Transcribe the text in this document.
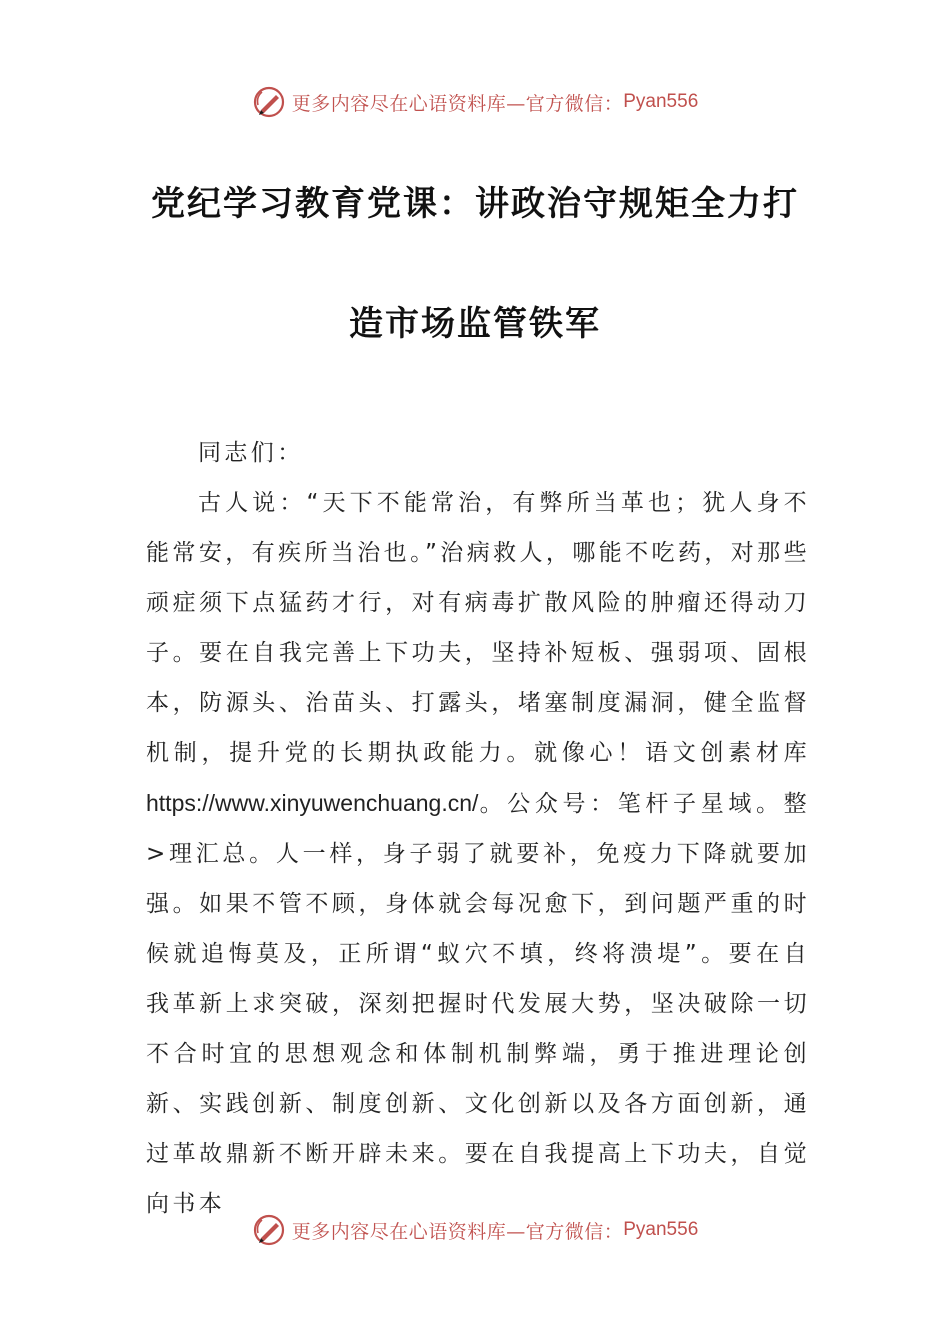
更多内容尽在心语资料库—官方微信： Pyan556
党纪学习教育党课：讲政治守规矩全力打
造市场监管铁军

同志们：

古人说：“天下不能常治，有弊所当革也；犹人身不能常安，有疾所当治也。”治病救人，哪能不吃药，对那些顽症须下点猛药才行，对有病毒扩散风险的肿瘤还得动刀子。要在自我完善上下功夫，坚持补短板、强弱项、固根本，防源头、治苗头、打露头，堵塞制度漏洞，健全监督机制，提升党的长期执政能力。就像心！语文创素材库https://www.xinyuwenchuang.cn/。公众号：笔杆子星域。整>理汇总。人一样，身子弱了就要补，免疫力下降就要加强。如果不管不顾，身体就会每况愈下，到问题严重的时候就追悔莫及，正所谓“蚁穴不填，终将溃堤”。要在自我革新上求突破，深刻把握时代发展大势，坚决破除一切不合时宜的思想观念和体制机制弊端，勇于推进理论创新、实践创新、制度创新、文化创新以及各方面创新，通过革故鼎新不断开辟未来。要在自我提高上下功夫，自觉向书本

更多内容尽在心语资料库—官方微信： Pyan556
